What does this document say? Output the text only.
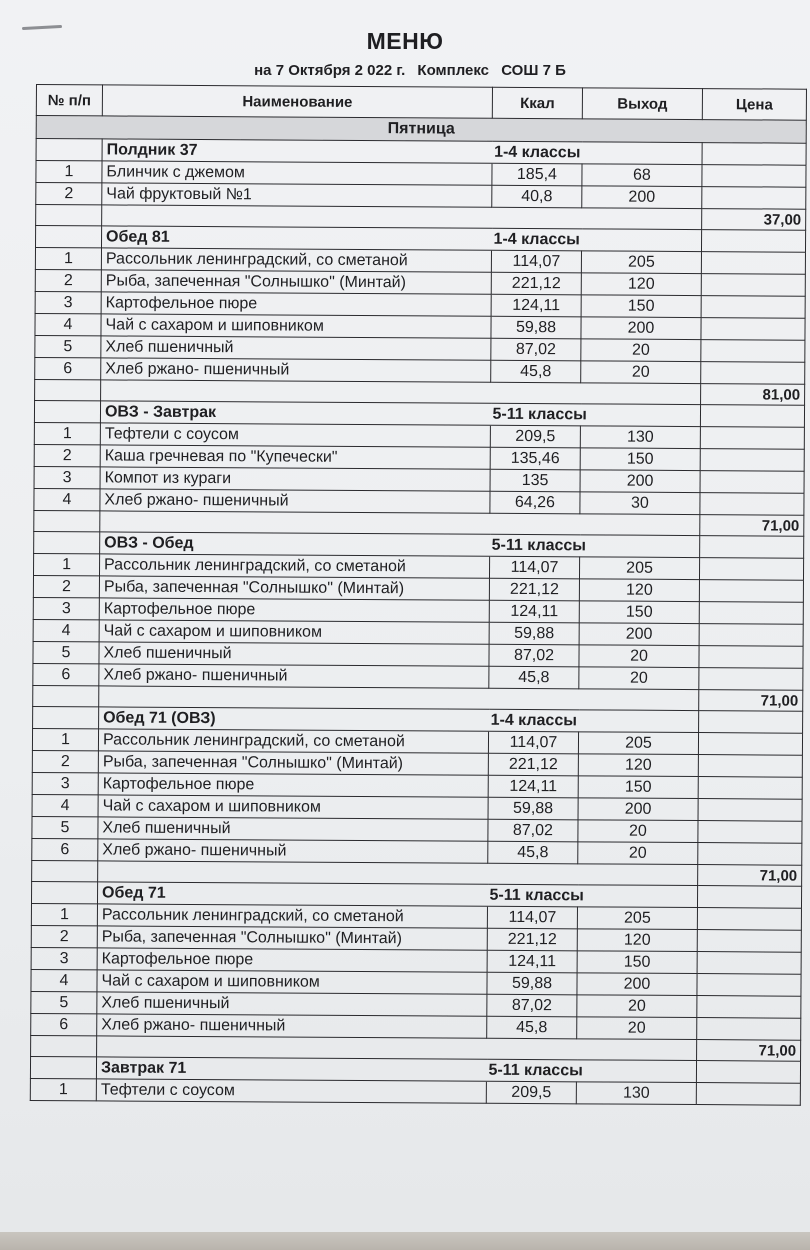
МЕНЮ
на 7 Октября 2 022 г. Комплекс СОШ 7 Б
№ п/п	Наименование	Ккал	Выход	Цена
Пятница				
	Полдник 37	1-4 классы		
1	Блинчик с джемом	185,4	68	
2	Чай фруктовый №1	40,8	200	
				37,00
	Обед 81	1-4 классы		
1	Рассольник ленинградский, со сметаной	114,07	205	
2	Рыба, запеченная "Солнышко" (Минтай)	221,12	120	
3	Картофельное пюре	124,11	150	
4	Чай с сахаром и шиповником	59,88	200	
5	Хлеб пшеничный	87,02	20	
6	Хлеб ржано- пшеничный	45,8	20	
				81,00
	ОВЗ - Завтрак	5-11 классы		
1	Тефтели с соусом	209,5	130	
2	Каша гречневая по "Купечески"	135,46	150	
3	Компот из кураги	135	200	
4	Хлеб ржано- пшеничный	64,26	30	
				71,00
	ОВЗ - Обед	5-11 классы		
1	Рассольник ленинградский, со сметаной	114,07	205	
2	Рыба, запеченная "Солнышко" (Минтай)	221,12	120	
3	Картофельное пюре	124,11	150	
4	Чай с сахаром и шиповником	59,88	200	
5	Хлеб пшеничный	87,02	20	
6	Хлеб ржано- пшеничный	45,8	20	
				71,00
	Обед 71 (ОВЗ)	1-4 классы		
1	Рассольник ленинградский, со сметаной	114,07	205	
2	Рыба, запеченная "Солнышко" (Минтай)	221,12	120	
3	Картофельное пюре	124,11	150	
4	Чай с сахаром и шиповником	59,88	200	
5	Хлеб пшеничный	87,02	20	
6	Хлеб ржано- пшеничный	45,8	20	
				71,00
	Обед 71	5-11 классы		
1	Рассольник ленинградский, со сметаной	114,07	205	
2	Рыба, запеченная "Солнышко" (Минтай)	221,12	120	
3	Картофельное пюре	124,11	150	
4	Чай с сахаром и шиповником	59,88	200	
5	Хлеб пшеничный	87,02	20	
6	Хлеб ржано- пшеничный	45,8	20	
				71,00
	Завтрак 71	5-11 классы		
1	Тефтели с соусом	209,5	130	
